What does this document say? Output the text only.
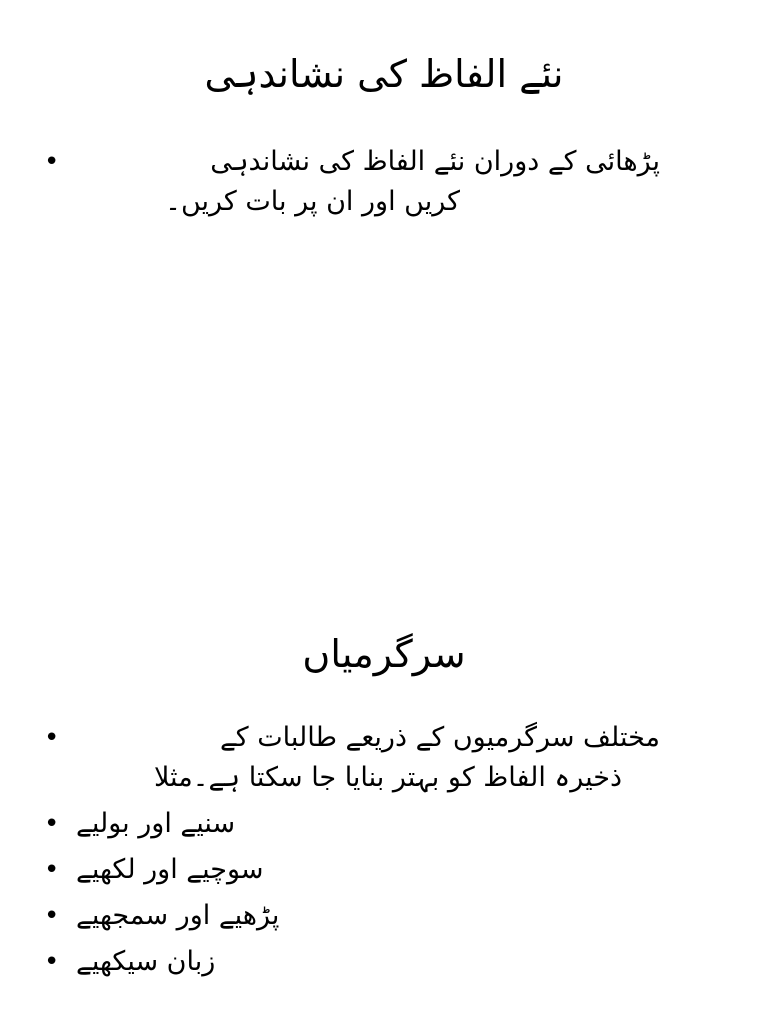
نئے الفاظ کی نشاندہی
•	پڑھائی کے دوران نئے الفاظ کی نشاندہی
کریں اور ان پر بات کریں۔
سرگرمیاں
•	مختلف سرگرمیوں کے ذریعے طالبات کے
ذخیرہ الفاظ کو بہتر بنایا جا سکتا ہے۔مثلا
• سنیے اور بولیے
• سوچیے اور لکھیے
• پڑھیے اور سمجھیے
• زبان سیکھیے
